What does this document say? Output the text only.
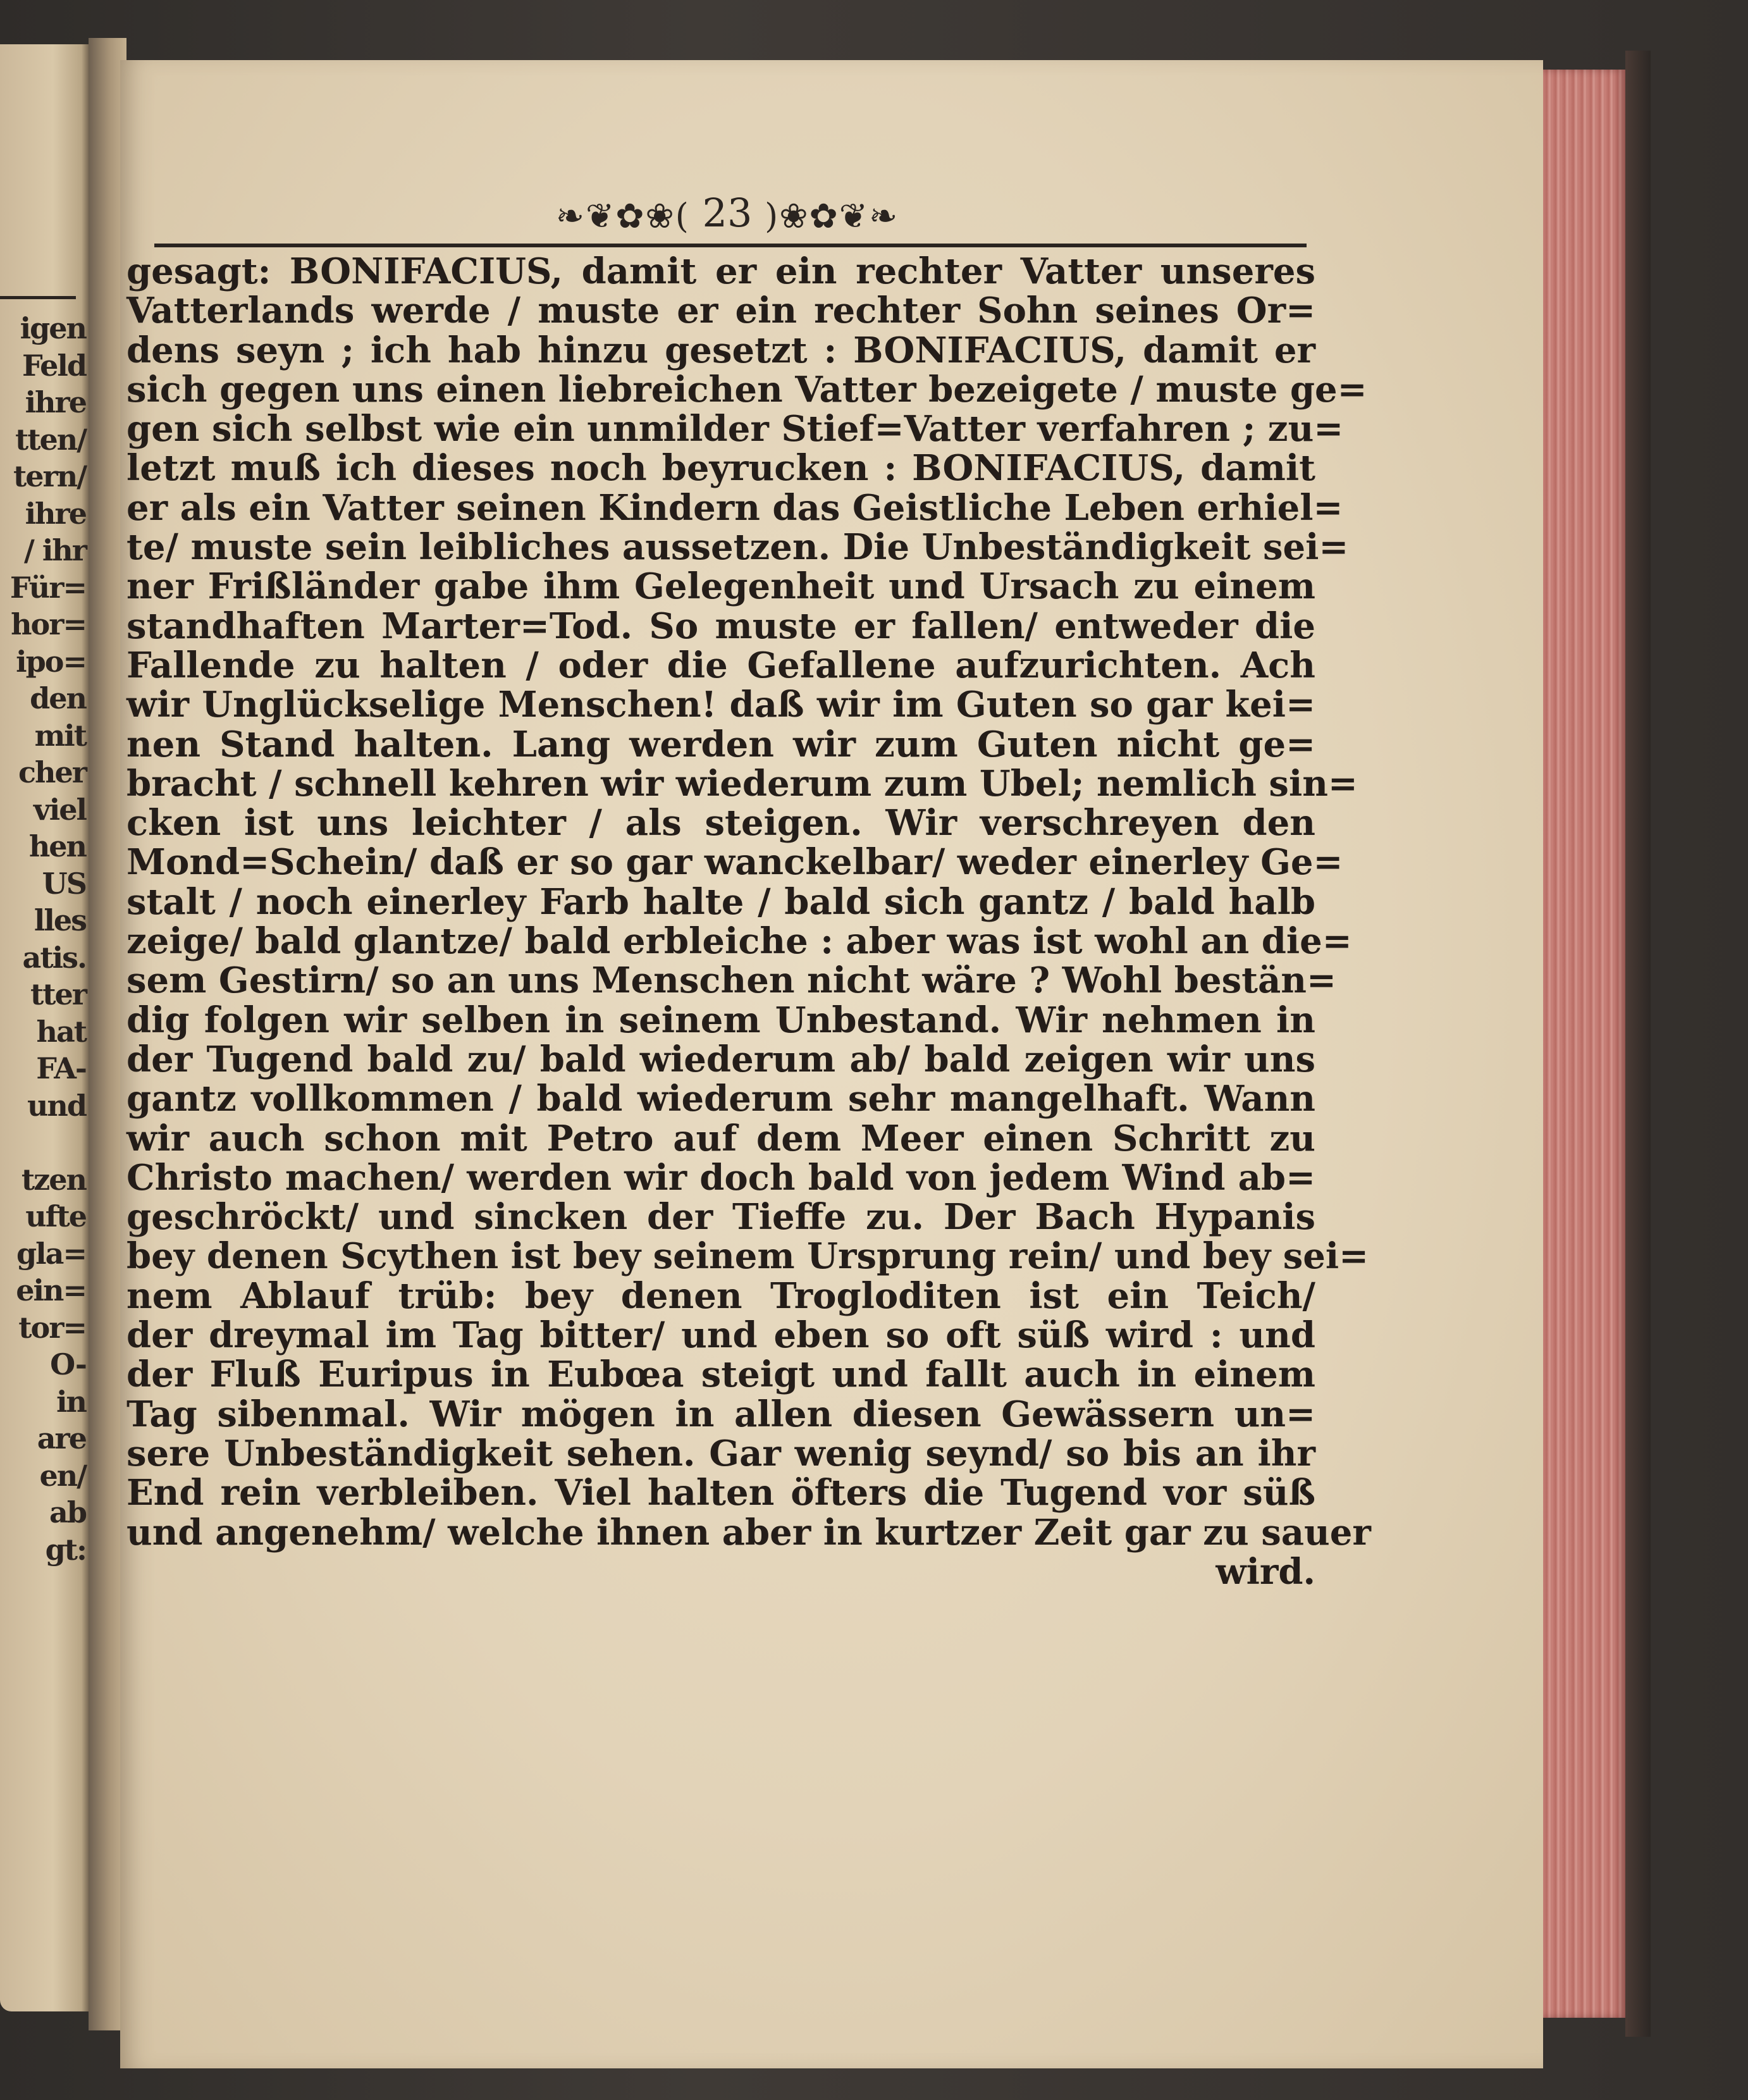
igen
Feld
ihre
tten/
tern/
ihre
/ ihr
Für=
hor=
ipo=
den
mit
cher
viel
hen
US
lles
atis.
tter
hat
FA-
und
tzen
ufte
gla=
ein=
tor=
O-
in
are
en/
ab
gt:
❧❦✿❀( 23 )❀✿❦❧
gesagt: BONIFACIUS, damit er ein rechter Vatter unseres
Vatterlands werde / muste er ein rechter Sohn seines Or=
dens seyn ; ich hab hinzu gesetzt : BONIFACIUS, damit er
sich gegen uns einen liebreichen Vatter bezeigete / muste ge=
gen sich selbst wie ein unmilder Stief=Vatter verfahren ; zu=
letzt muß ich dieses noch beyrucken : BONIFACIUS, damit
er als ein Vatter seinen Kindern das Geistliche Leben erhiel=
te/ muste sein leibliches aussetzen. Die Unbeständigkeit sei=
ner Frißländer gabe ihm Gelegenheit und Ursach zu einem
standhaften Marter=Tod. So muste er fallen/ entweder die
Fallende zu halten / oder die Gefallene aufzurichten. Ach
wir Unglückselige Menschen! daß wir im Guten so gar kei=
nen Stand halten. Lang werden wir zum Guten nicht ge=
bracht / schnell kehren wir wiederum zum Ubel; nemlich sin=
cken ist uns leichter / als steigen. Wir verschreyen den
Mond=Schein/ daß er so gar wanckelbar/ weder einerley Ge=
stalt / noch einerley Farb halte / bald sich gantz / bald halb
zeige/ bald glantze/ bald erbleiche : aber was ist wohl an die=
sem Gestirn/ so an uns Menschen nicht wäre ? Wohl bestän=
dig folgen wir selben in seinem Unbestand. Wir nehmen in
der Tugend bald zu/ bald wiederum ab/ bald zeigen wir uns
gantz vollkommen / bald wiederum sehr mangelhaft. Wann
wir auch schon mit Petro auf dem Meer einen Schritt zu
Christo machen/ werden wir doch bald von jedem Wind ab=
geschröckt/ und sincken der Tieffe zu. Der Bach Hypanis
bey denen Scythen ist bey seinem Ursprung rein/ und bey sei=
nem Ablauf trüb: bey denen Trogloditen ist ein Teich/
der dreymal im Tag bitter/ und eben so oft süß wird : und
der Fluß Euripus in Eubœa steigt und fallt auch in einem
Tag sibenmal. Wir mögen in allen diesen Gewässern un=
sere Unbeständigkeit sehen. Gar wenig seynd/ so bis an ihr
End rein verbleiben. Viel halten öfters die Tugend vor süß
und angenehm/ welche ihnen aber in kurtzer Zeit gar zu sauer
wird.
